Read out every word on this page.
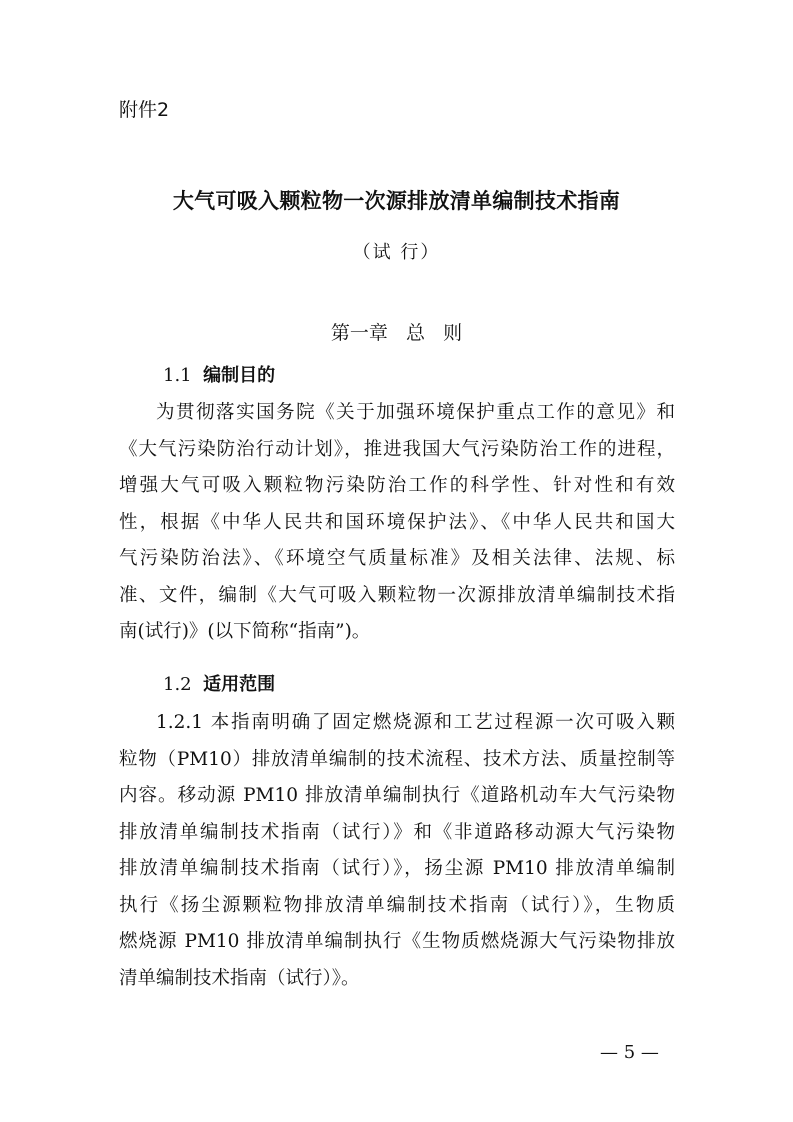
附件2
大气可吸入颗粒物一次源排放清单编制技术指南
（试 行）
第一章   总   则
1.1 编制目的
为贯彻落实国务院《关于加强环境保护重点工作的意见》和
《大气污染防治行动计划》，推进我国大气污染防治工作的进程，
增强大气可吸入颗粒物污染防治工作的科学性、针对性和有效
性，根据《中华人民共和国环境保护法》、《中华人民共和国大
气污染防治法》、《环境空气质量标准》及相关法律、法规、标
准、文件，编制《大气可吸入颗粒物一次源排放清单编制技术指
南(试行)》(以下简称“指南”)。
1.2 适用范围
1.2.1 本指南明确了固定燃烧源和工艺过程源一次可吸入颗
粒物（PM10）排放清单编制的技术流程、技术方法、质量控制等
内容。移动源 PM10 排放清单编制执行《道路机动车大气污染物
排放清单编制技术指南（试行）》和《非道路移动源大气污染物
排放清单编制技术指南（试行）》，扬尘源 PM10 排放清单编制
执行《扬尘源颗粒物排放清单编制技术指南（试行）》，生物质
燃烧源 PM10 排放清单编制执行《生物质燃烧源大气污染物排放
清单编制技术指南（试行）》。
— 5 —
